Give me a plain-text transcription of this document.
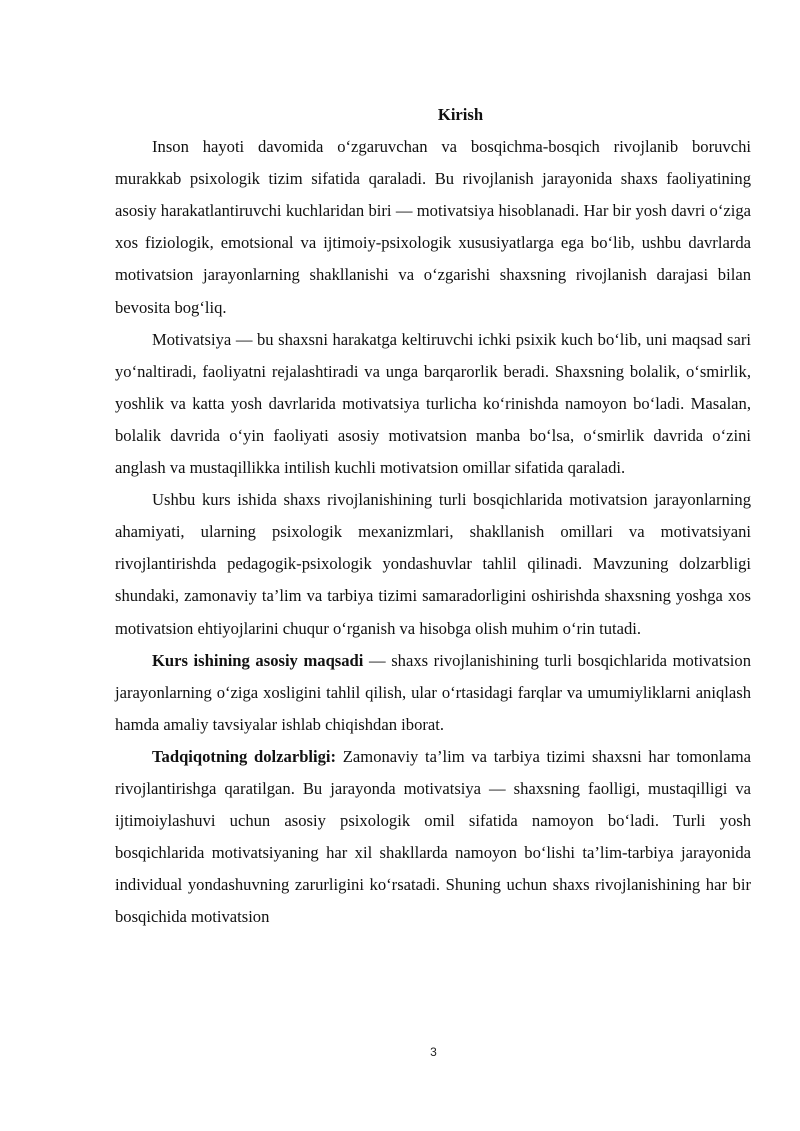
Kirish

Inson hayoti davomida o‘zgaruvchan va bosqichma-bosqich rivojlanib boruvchi murakkab psixologik tizim sifatida qaraladi. Bu rivojlanish jarayonida shaxs faoliyatining asosiy harakatlantiruvchi kuchlaridan biri — motivatsiya hisoblanadi. Har bir yosh davri o‘ziga xos fiziologik, emotsional va ijtimoiy-psixologik xususiyatlarga ega bo‘lib, ushbu davrlarda motivatsion jarayonlarning shakllanishi va o‘zgarishi shaxsning rivojlanish darajasi bilan bevosita bog‘liq.

Motivatsiya — bu shaxsni harakatga keltiruvchi ichki psixik kuch bo‘lib, uni maqsad sari yo‘naltiradi, faoliyatni rejalashtiradi va unga barqarorlik beradi. Shaxsning bolalik, o‘smirlik, yoshlik va katta yosh davrlarida motivatsiya turlicha ko‘rinishda namoyon bo‘ladi. Masalan, bolalik davrida o‘yin faoliyati asosiy motivatsion manba bo‘lsa, o‘smirlik davrida o‘zini anglash va mustaqillikka intilish kuchli motivatsion omillar sifatida qaraladi.

Ushbu kurs ishida shaxs rivojlanishining turli bosqichlarida motivatsion jarayonlarning ahamiyati, ularning psixologik mexanizmlari, shakllanish omillari va motivatsiyani rivojlantirishda pedagogik-psixologik yondashuvlar tahlil qilinadi. Mavzuning dolzarbligi shundaki, zamonaviy ta’lim va tarbiya tizimi samaradorligini oshirishda shaxsning yoshga xos motivatsion ehtiyojlarini chuqur o‘rganish va hisobga olish muhim o‘rin tutadi.

Kurs ishining asosiy maqsadi — shaxs rivojlanishining turli bosqichlarida motivatsion jarayonlarning o‘ziga xosligini tahlil qilish, ular o‘rtasidagi farqlar va umumiyliklarni aniqlash hamda amaliy tavsiyalar ishlab chiqishdan iborat.

Tadqiqotning dolzarbligi: Zamonaviy ta’lim va tarbiya tizimi shaxsni har tomonlama rivojlantirishga qaratilgan. Bu jarayonda motivatsiya — shaxsning faolligi, mustaqilligi va ijtimoiylashuvi uchun asosiy psixologik omil sifatida namoyon bo‘ladi. Turli yosh bosqichlarida motivatsiyaning har xil shakllarda namoyon bo‘lishi ta’lim-tarbiya jarayonida individual yondashuvning zarurligini ko‘rsatadi. Shuning uchun shaxs rivojlanishining har bir bosqichida motivatsion

3
